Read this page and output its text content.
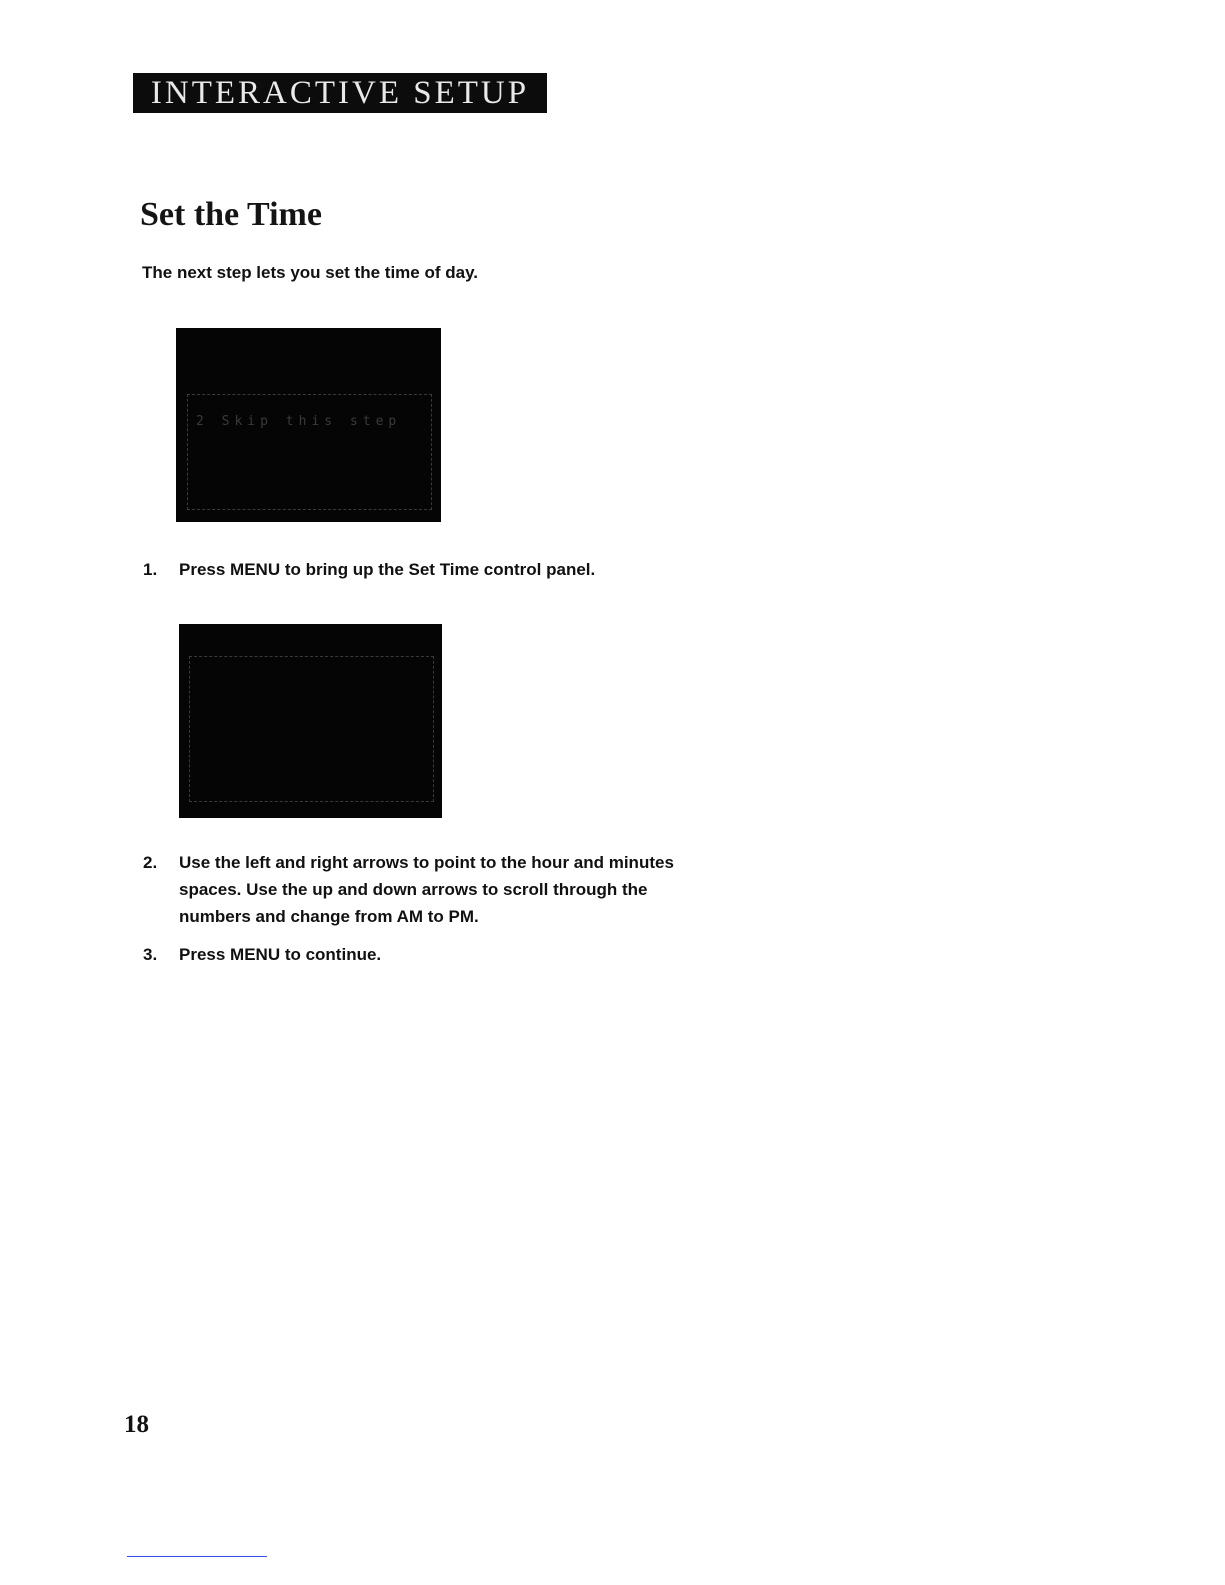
INTERACTIVE SETUP
Set the Time

The next step lets you set the time of day.

2 Skip this step
1. Press MENU to bring up the Set Time control panel.
2. Use the left and right arrows to point to the hour and minutes spaces. Use the up and down arrows to scroll through the numbers and change from AM to PM.
3. Press MENU to continue.

18
